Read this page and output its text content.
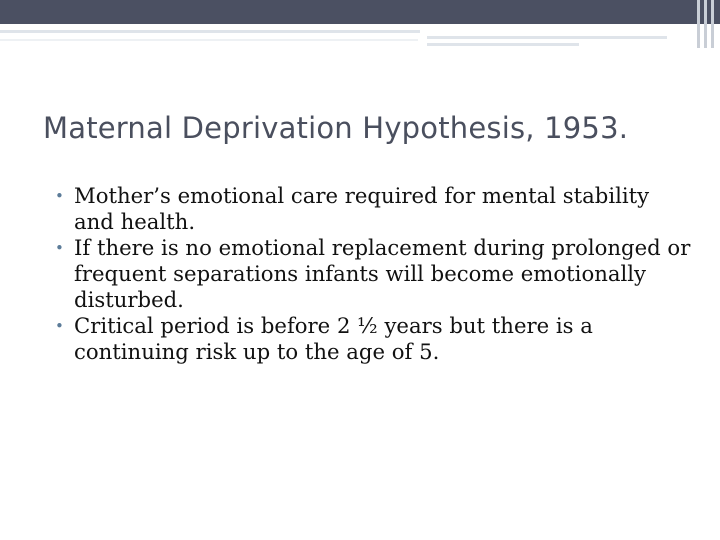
Maternal Deprivation Hypothesis, 1953.
• Mother’s emotional care required for mental stability and health.
• If there is no emotional replacement during prolonged or frequent separations infants will become emotionally disturbed.
• Critical period is before 2 ½ years but there is a continuing risk up to the age of 5.
